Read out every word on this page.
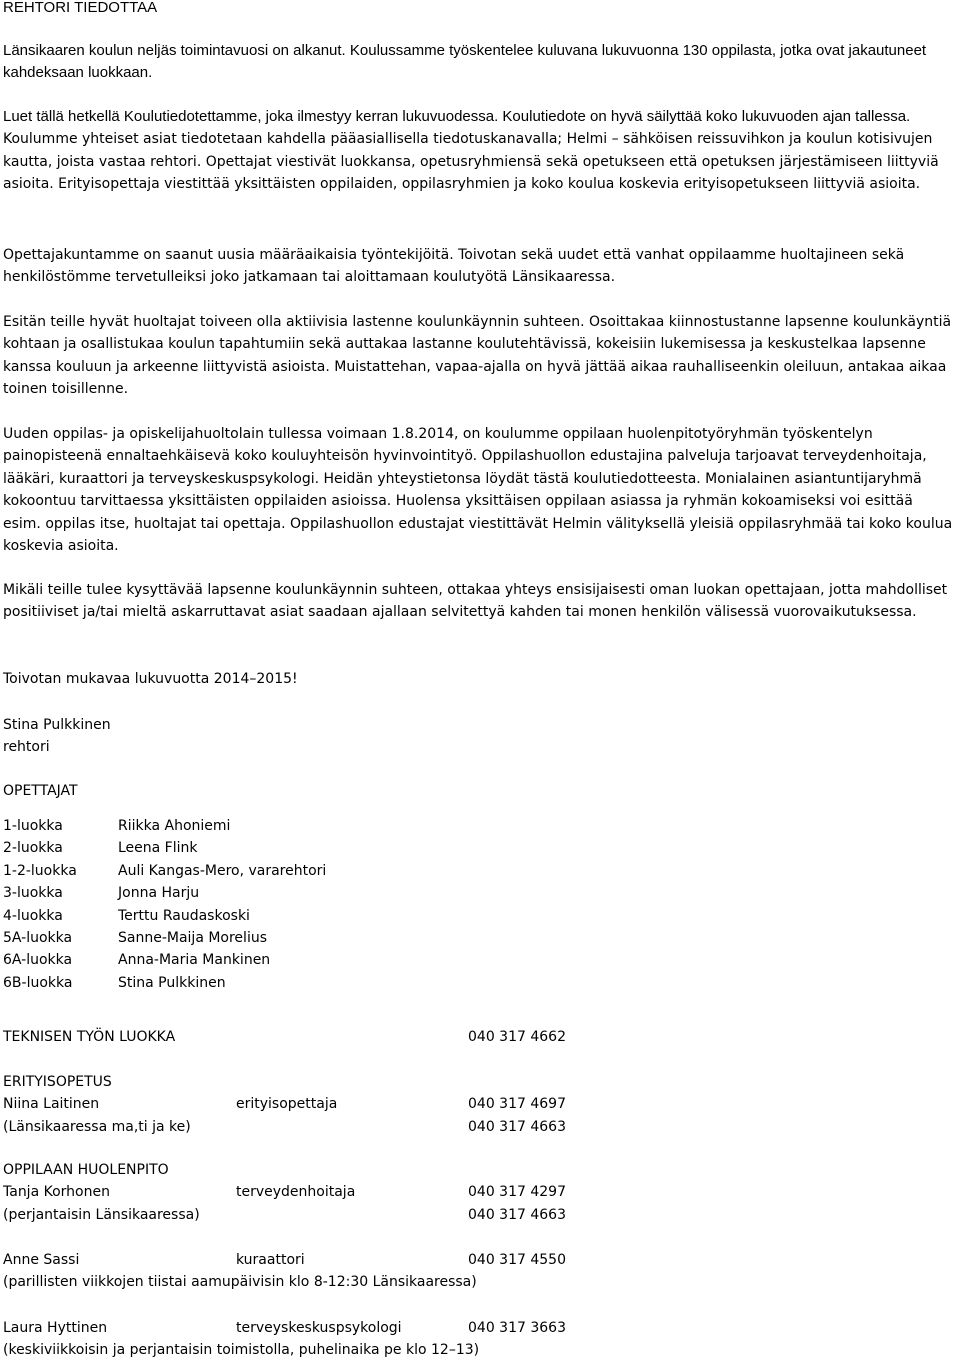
REHTORI TIEDOTTAA

Länsikaaren koulun neljäs toimintavuosi on alkanut. Koulussamme työskentelee kuluvana lukuvuonna 130 oppilasta, jotka ovat jakautuneet kahdeksaan luokkaan.

Luet tällä hetkellä Koulutiedotettamme, joka ilmestyy kerran lukuvuodessa. Koulutiedote on hyvä säilyttää koko lukuvuoden ajan tallessa. Koulumme yhteiset asiat tiedotetaan kahdella pääasiallisella tiedotuskanavalla; Helmi – sähköisen reissuvihkon ja koulun kotisivujen kautta, joista vastaa rehtori. Opettajat viestivät luokkansa, opetusryhmiensä sekä opetukseen että opetuksen järjestämiseen liittyviä asioita. Erityisopettaja viestittää yksittäisten oppilaiden, oppilasryhmien ja koko koulua koskevia erityisopetukseen liittyviä asioita.

Opettajakuntamme on saanut uusia määräaikaisia työntekijöitä. Toivotan sekä uudet että vanhat oppilaamme huoltajineen sekä henkilöstömme tervetulleiksi joko jatkamaan tai aloittamaan koulutyötä Länsikaaressa.

Esitän teille hyvät huoltajat toiveen olla aktiivisia lastenne koulunkäynnin suhteen. Osoittakaa kiinnostustanne lapsenne koulunkäyntiä kohtaan ja osallistukaa koulun tapahtumiin sekä auttakaa lastanne koulutehtävissä, kokeisiin lukemisessa ja keskustelkaa lapsenne kanssa kouluun ja arkeenne liittyvistä asioista. Muistattehan, vapaa-ajalla on hyvä jättää aikaa rauhalliseenkin oleiluun, antakaa aikaa toinen toisillenne.

Uuden oppilas- ja opiskelijahuoltolain tullessa voimaan 1.8.2014, on koulumme oppilaan huolenpitotyöryhmän työskentelyn painopisteenä ennaltaehkäisevä koko kouluyhteisön hyvinvointityö. Oppilashuollon edustajina palveluja tarjoavat terveydenhoitaja, lääkäri, kuraattori ja terveyskeskuspsykologi. Heidän yhteystietonsa löydät tästä koulutiedotteesta. Monialainen asiantuntijaryhmä kokoontuu tarvittaessa yksittäisten oppilaiden asioissa. Huolensa yksittäisen oppilaan asiassa ja ryhmän kokoamiseksi voi esittää esim. oppilas itse, huoltajat tai opettaja. Oppilashuollon edustajat viestittävät Helmin välityksellä yleisiä oppilasryhmää tai koko koulua koskevia asioita.

Mikäli teille tulee kysyttävää lapsenne koulunkäynnin suhteen, ottakaa yhteys ensisijaisesti oman luokan opettajaan, jotta mahdolliset positiiviset ja/tai mieltä askarruttavat asiat saadaan ajallaan selvitettyä kahden tai monen henkilön välisessä vuorovaikutuksessa.

Toivotan mukavaa lukuvuotta 2014–2015!

Stina Pulkkinen
rehtori
OPETTAJAT
1-luokka	Riikka Ahoniemi
2-luokka	Leena Flink
1-2-luokka	Auli Kangas-Mero, vararehtori
3-luokka	Jonna Harju
4-luokka	Terttu Raudaskoski
5A-luokka	Sanne-Maija Morelius
6A-luokka	Anna-Maria Mankinen
6B-luokka	Stina Pulkkinen
TEKNISEN TYÖN LUOKKA	040 317 4662
ERITYISOPETUS
Niina Laitinen	erityisopettaja	040 317 4697
(Länsikaaressa ma,ti ja ke)	040 317 4663
OPPILAAN HUOLENPITO
Tanja Korhonen	terveydenhoitaja	040 317 4297
(perjantaisin Länsikaaressa)	040 317 4663
Anne Sassi	kuraattori	040 317 4550
(parillisten viikkojen tiistai aamupäivisin klo 8-12:30 Länsikaaressa)
Laura Hyttinen	terveyskeskuspsykologi	040 317 3663
(keskiviikkoisin ja perjantaisin toimistolla, puhelinaika pe klo 12–13)
